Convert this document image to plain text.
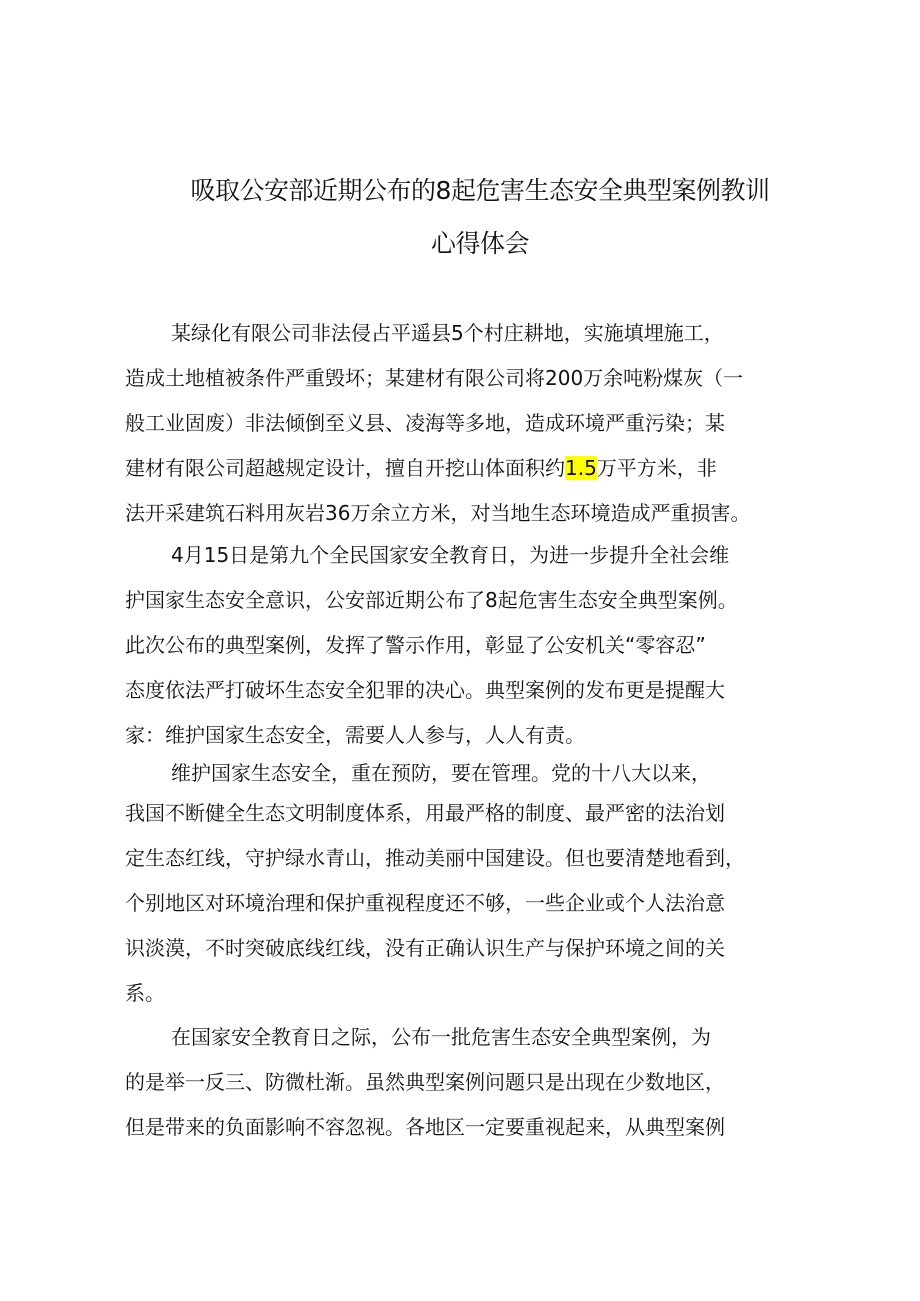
吸取公安部近期公布的8起危害生态安全典型案例教训
心得体会
某绿化有限公司非法侵占平遥县5个村庄耕地，实施填埋施工，
造成土地植被条件严重毁坏；某建材有限公司将200万余吨粉煤灰（一
般工业固废）非法倾倒至义县、凌海等多地，造成环境严重污染；某
建材有限公司超越规定设计，擅自开挖山体面积约1.5万平方米，非
法开采建筑石料用灰岩36万余立方米，对当地生态环境造成严重损害。
4月15日是第九个全民国家安全教育日，为进一步提升全社会维
护国家生态安全意识，公安部近期公布了8起危害生态安全典型案例。
此次公布的典型案例，发挥了警示作用，彰显了公安机关“零容忍”
态度依法严打破坏生态安全犯罪的决心。典型案例的发布更是提醒大
家：维护国家生态安全，需要人人参与，人人有责。
维护国家生态安全，重在预防，要在管理。党的十八大以来，
我国不断健全生态文明制度体系，用最严格的制度、最严密的法治划
定生态红线，守护绿水青山，推动美丽中国建设。但也要清楚地看到，
个别地区对环境治理和保护重视程度还不够，一些企业或个人法治意
识淡漠，不时突破底线红线，没有正确认识生产与保护环境之间的关
系。
在国家安全教育日之际，公布一批危害生态安全典型案例，为
的是举一反三、防微杜渐。虽然典型案例问题只是出现在少数地区，
但是带来的负面影响不容忽视。各地区一定要重视起来，从典型案例
